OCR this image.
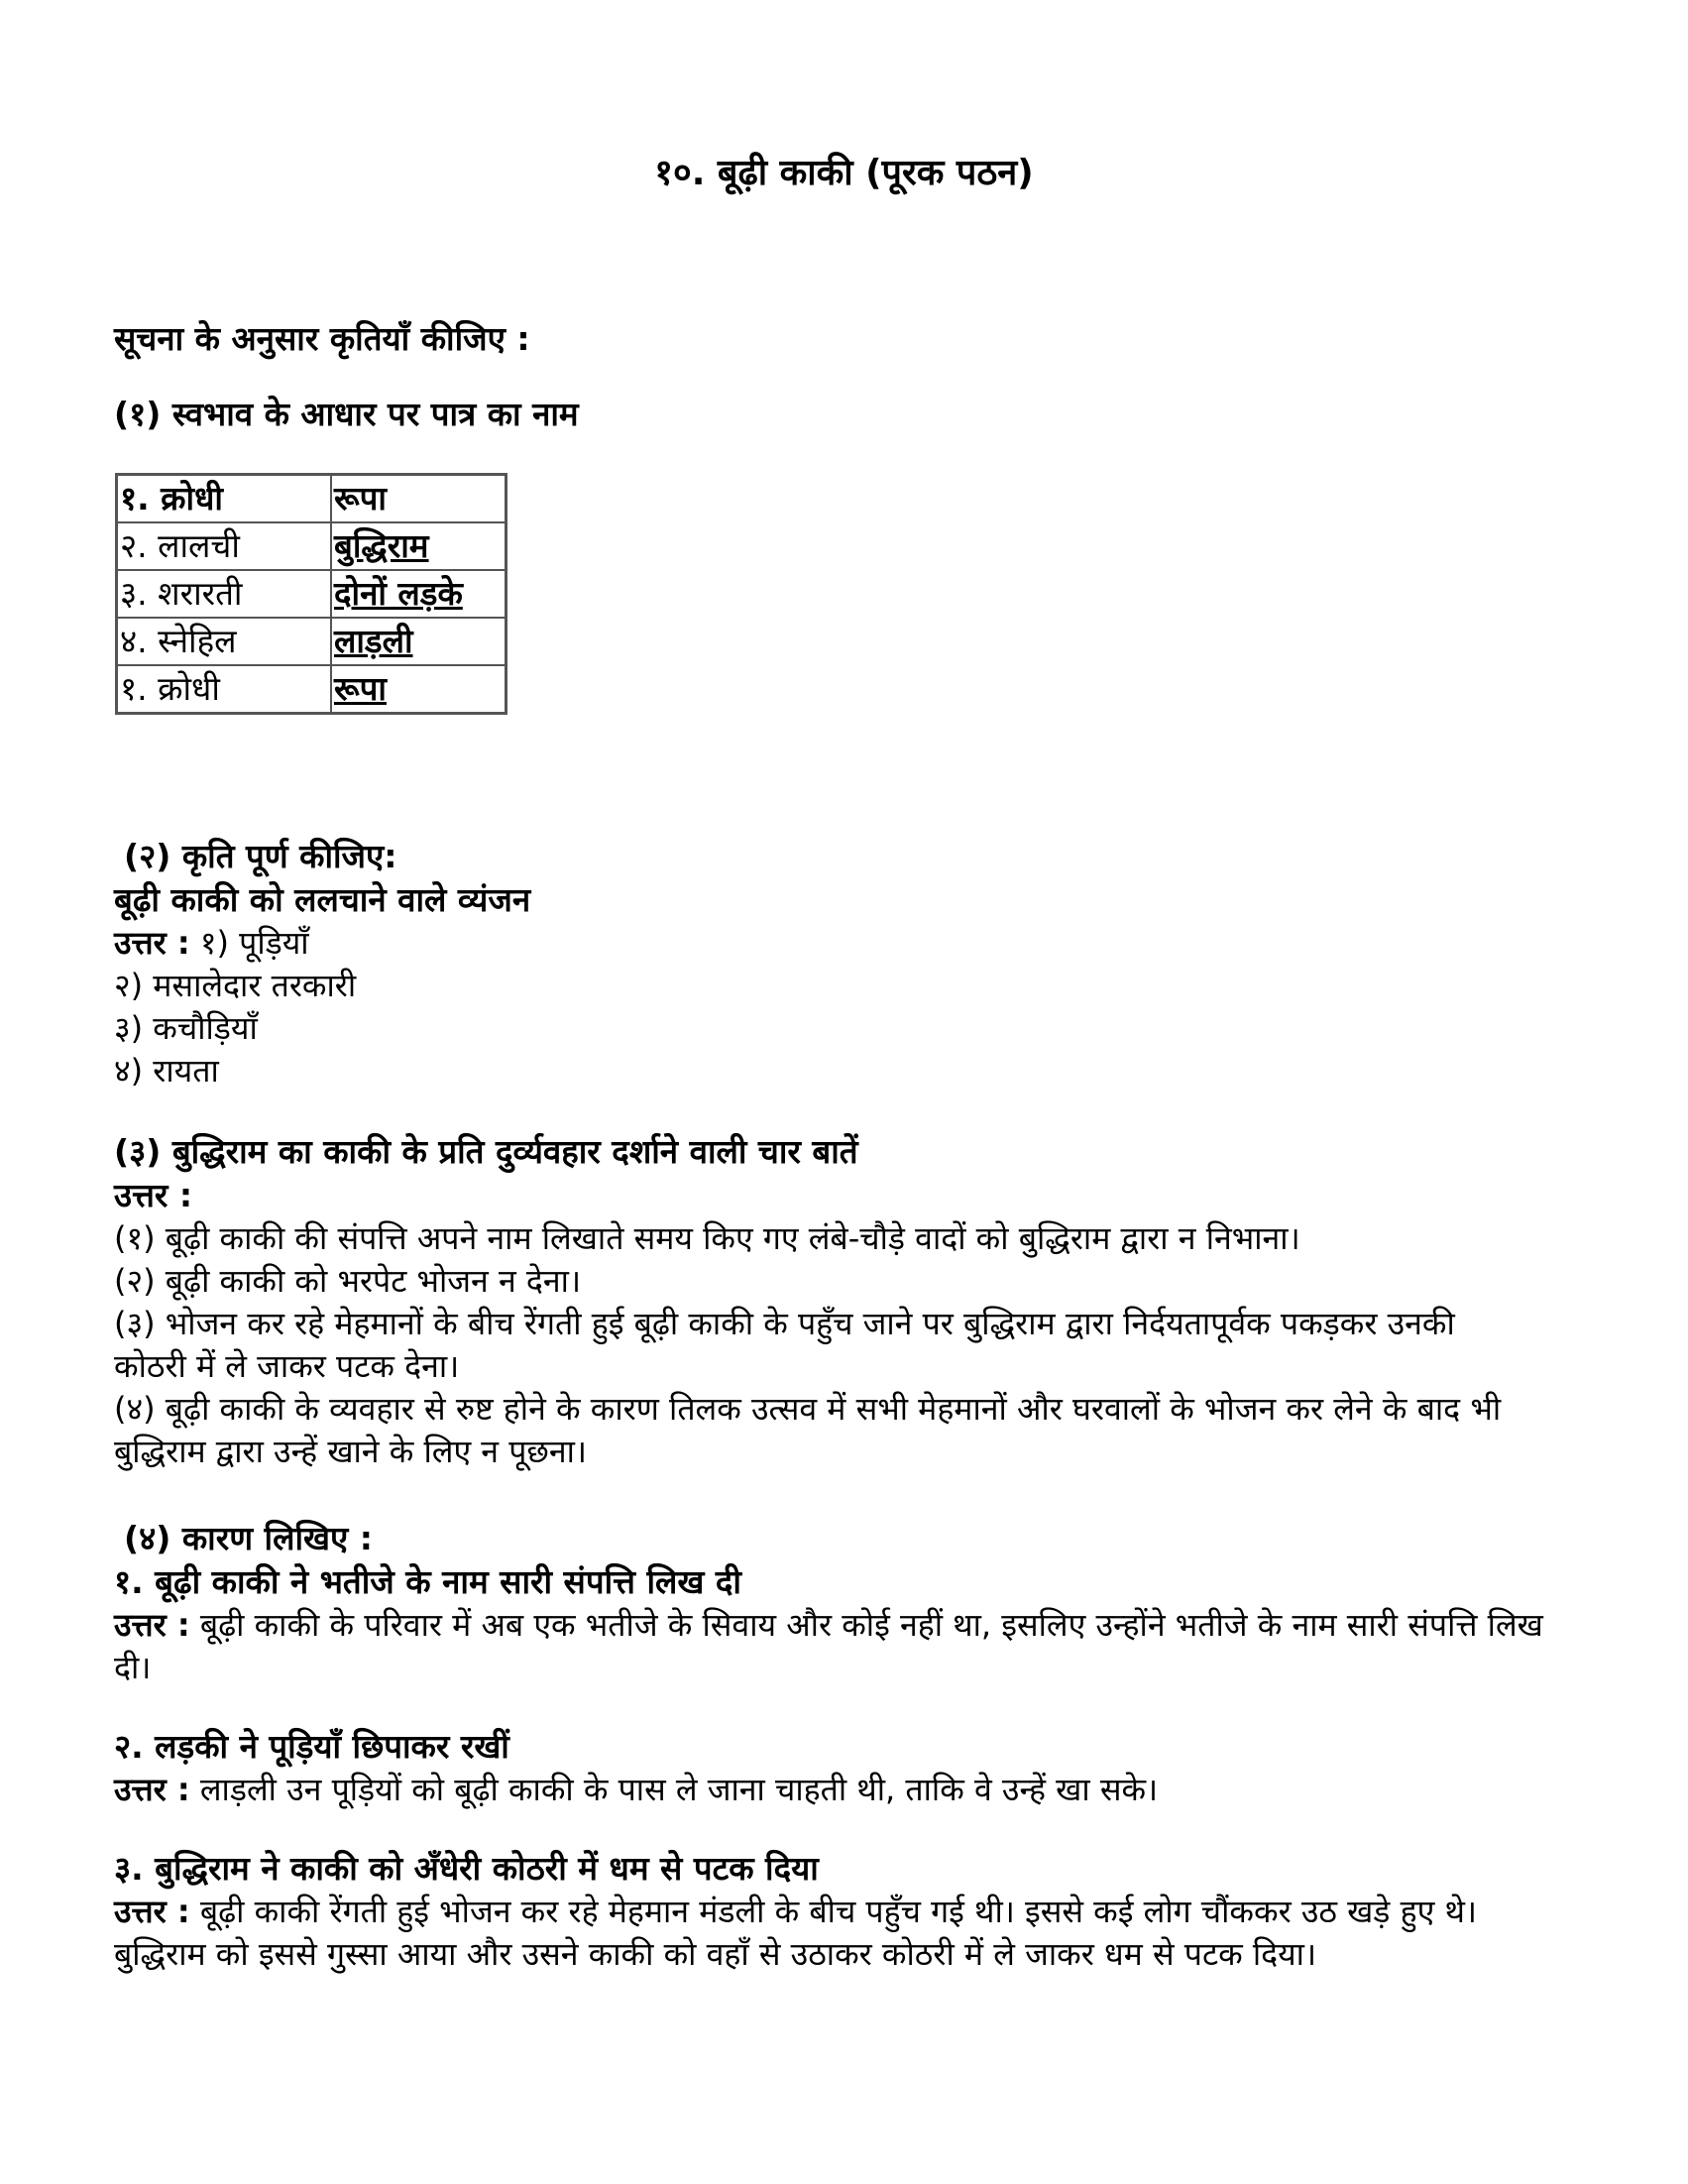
१०. बूढ़ी काकी (पूरक पठन)

सूचना के अनुसार कृतियाँ कीजिए :

(१) स्वभाव के आधार पर पात्र का नाम

१. क्रोधी	रूपा
२. लालची	बुद्धिराम
३. शरारती	दोनों लड़के
४. स्नेहिल	लाड़ली
१. क्रोधी	रूपा

(२) कृति पूर्ण कीजिए:

बूढ़ी काकी को ललचाने वाले व्यंजन

उत्तर : १) पूड़ियाँ

२) मसालेदार तरकारी

३) कचौड़ियाँ

४) रायता

(३) बुद्धिराम का काकी के प्रति दुर्व्यवहार दर्शाने वाली चार बातें

उत्तर :

(१) बूढ़ी काकी की संपत्ति अपने नाम लिखाते समय किए गए लंबे-चौड़े वादों को बुद्धिराम द्वारा न निभाना।

(२) बूढ़ी काकी को भरपेट भोजन न देना।

(३) भोजन कर रहे मेहमानों के बीच रेंगती हुई बूढ़ी काकी के पहुँच जाने पर बुद्धिराम द्वारा निर्दयतापूर्वक पकड़कर उनकी कोठरी में ले जाकर पटक देना।

(४) बूढ़ी काकी के व्यवहार से रुष्ट होने के कारण तिलक उत्सव में सभी मेहमानों और घरवालों के भोजन कर लेने के बाद भी बुद्धिराम द्वारा उन्हें खाने के लिए न पूछना।

(४) कारण लिखिए :

१. बूढ़ी काकी ने भतीजे के नाम सारी संपत्ति लिख दी

उत्तर : बूढ़ी काकी के परिवार में अब एक भतीजे के सिवाय और कोई नहीं था, इसलिए उन्होंने भतीजे के नाम सारी संपत्ति लिख दी।

२. लड़की ने पूड़ियाँ छिपाकर रखीं

उत्तर : लाड़ली उन पूड़ियों को बूढ़ी काकी के पास ले जाना चाहती थी, ताकि वे उन्हें खा सके।

३. बुद्धिराम ने काकी को अँधेरी कोठरी में धम से पटक दिया

उत्तर : बूढ़ी काकी रेंगती हुई भोजन कर रहे मेहमान मंडली के बीच पहुँच गई थी। इससे कई लोग चौंककर उठ खड़े हुए थे। बुद्धिराम को इससे गुस्सा आया और उसने काकी को वहाँ से उठाकर कोठरी में ले जाकर धम से पटक दिया।
